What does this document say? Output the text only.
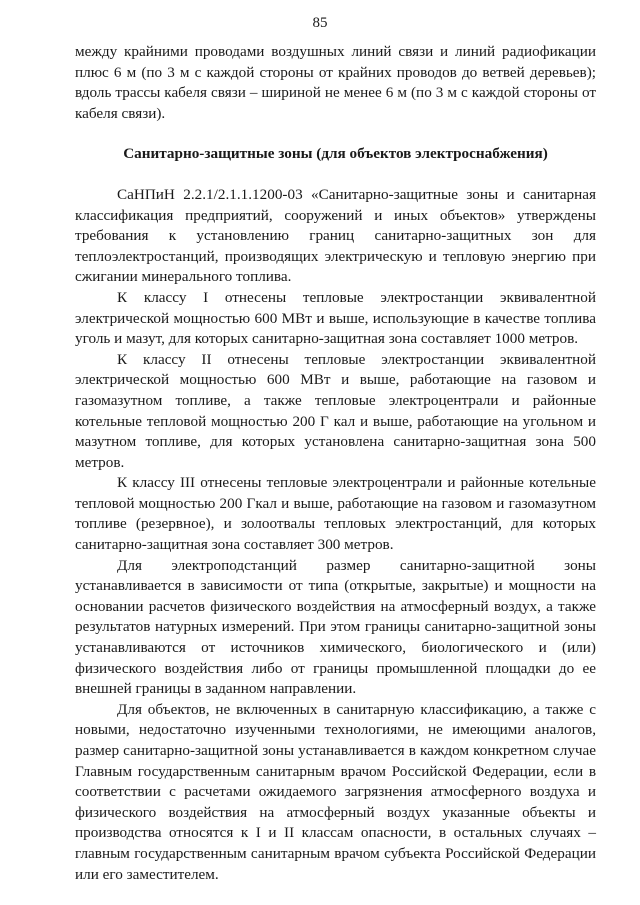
85

между крайними проводами воздушных линий связи и линий радиофикации плюс 6 м (по 3 м с каждой стороны от крайних проводов до ветвей деревьев); вдоль трассы кабеля связи – шириной не менее 6 м (по 3 м с каждой стороны от кабеля связи).

Санитарно-защитные зоны (для объектов электроснабжения)

СаНПиН 2.2.1/2.1.1.1200-03 «Санитарно-защитные зоны и санитарная классификация предприятий, сооружений и иных объектов» утверждены требования к установлению границ санитарно-защитных зон для теплоэлектростанций, производящих электрическую и тепловую энергию при сжигании минерального топлива.

К классу I отнесены тепловые электростанции эквивалентной электрической мощностью 600 МВт и выше, использующие в качестве топлива уголь и мазут, для которых санитарно-защитная зона составляет 1000 метров.

К классу II отнесены тепловые электростанции эквивалентной электрической мощностью 600 МВт и выше, работающие на газовом и газомазутном топливе, а также тепловые электроцентрали и районные котельные тепловой мощностью 200 Г кал и выше, работающие на угольном и мазутном топливе, для которых установлена санитарно-защитная зона 500 метров.

К классу III отнесены тепловые электроцентрали и районные котельные тепловой мощностью 200 Гкал и выше, работающие на газовом и газомазутном топливе (резервное), и золоотвалы тепловых электростанций, для которых санитарно-защитная зона составляет 300 метров.

Для электроподстанций размер санитарно-защитной зоны устанавливается в зависимости от типа (открытые, закрытые) и мощности на основании расчетов физического воздействия на атмосферный воздух, а также результатов натурных измерений. При этом границы санитарно-защитной зоны устанавливаются от источников химического, биологического и (или) физического воздействия либо от границы промышленной площадки до ее внешней границы в заданном направлении.

Для объектов, не включенных в санитарную классификацию, а также с новыми, недостаточно изученными технологиями, не имеющими аналогов, размер санитарно-защитной зоны устанавливается в каждом конкретном случае Главным государственным санитарным врачом Российской Федерации, если в соответствии с расчетами ожидаемого загрязнения атмосферного воздуха и физического воздействия на атмосферный воздух указанные объекты и производства относятся к I и II классам опасности, в остальных случаях – главным государственным санитарным врачом субъекта Российской Федерации или его заместителем.
